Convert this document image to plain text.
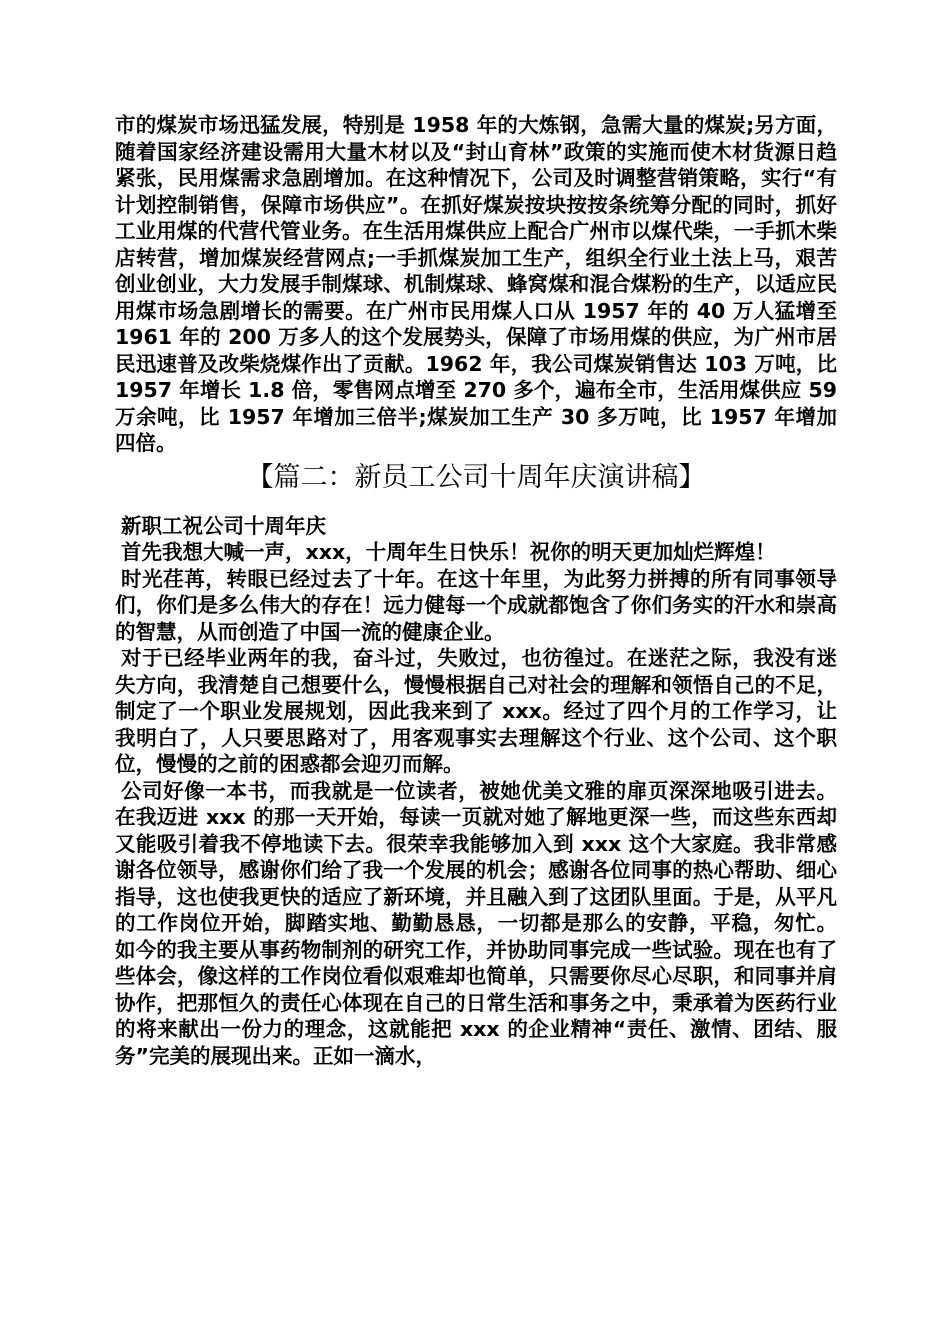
市的煤炭市场迅猛发展，特别是 1958 年的大炼钢，急需大量的煤炭;另方面，随着国家经济建设需用大量木材以及“封山育林”政策的实施而使木材货源日趋紧张，民用煤需求急剧增加。在这种情况下，公司及时调整营销策略，实行“有计划控制销售，保障市场供应”。在抓好煤炭按块按按条统筹分配的同时，抓好工业用煤的代营代管业务。在生活用煤供应上配合广州市以煤代柴，一手抓木柴店转营，增加煤炭经营网点;一手抓煤炭加工生产，组织全行业土法上马，艰苦创业创业，大力发展手制煤球、机制煤球、蜂窝煤和混合煤粉的生产，以适应民用煤市场急剧增长的需要。在广州市民用煤人口从 1957 年的 40 万人猛增至 1961 年的 200 万多人的这个发展势头，保障了市场用煤的供应，为广州市居民迅速普及改柴烧煤作出了贡献。1962 年，我公司煤炭销售达 103 万吨，比 1957 年增长 1.8 倍，零售网点增至 270 多个，遍布全市，生活用煤供应 59 万余吨，比 1957 年增加三倍半;煤炭加工生产 30 多万吨，比 1957 年增加四倍。

【篇二：新员工公司十周年庆演讲稿】

新职工祝公司十周年庆

首先我想大喊一声，xxx，十周年生日快乐！祝你的明天更加灿烂辉煌！

时光荏苒，转眼已经过去了十年。在这十年里，为此努力拼搏的所有同事领导们，你们是多么伟大的存在！远力健每一个成就都饱含了你们务实的汗水和崇高的智慧，从而创造了中国一流的健康企业。

对于已经毕业两年的我，奋斗过，失败过，也彷徨过。在迷茫之际，我没有迷失方向，我清楚自己想要什么，慢慢根据自己对社会的理解和领悟自己的不足，制定了一个职业发展规划，因此我来到了 xxx。经过了四个月的工作学习，让我明白了，人只要思路对了，用客观事实去理解这个行业、这个公司、这个职位，慢慢的之前的困惑都会迎刃而解。

公司好像一本书，而我就是一位读者，被她优美文雅的扉页深深地吸引进去。在我迈进 xxx 的那一天开始，每读一页就对她了解地更深一些，而这些东西却又能吸引着我不停地读下去。很荣幸我能够加入到 xxx 这个大家庭。我非常感谢各位领导，感谢你们给了我一个发展的机会；感谢各位同事的热心帮助、细心指导，这也使我更快的适应了新环境，并且融入到了这团队里面。于是，从平凡的工作岗位开始，脚踏实地、勤勤恳恳，一切都是那么的安静，平稳，匆忙。 如今的我主要从事药物制剂的研究工作，并协助同事完成一些试验。现在也有了些体会，像这样的工作岗位看似艰难却也简单，只需要你尽心尽职，和同事并肩协作，把那恒久的责任心体现在自己的日常生活和事务之中，秉承着为医药行业的将来献出一份力的理念，这就能把 xxx 的企业精神“责任、激情、团结、服务”完美的展现出来。正如一滴水，
